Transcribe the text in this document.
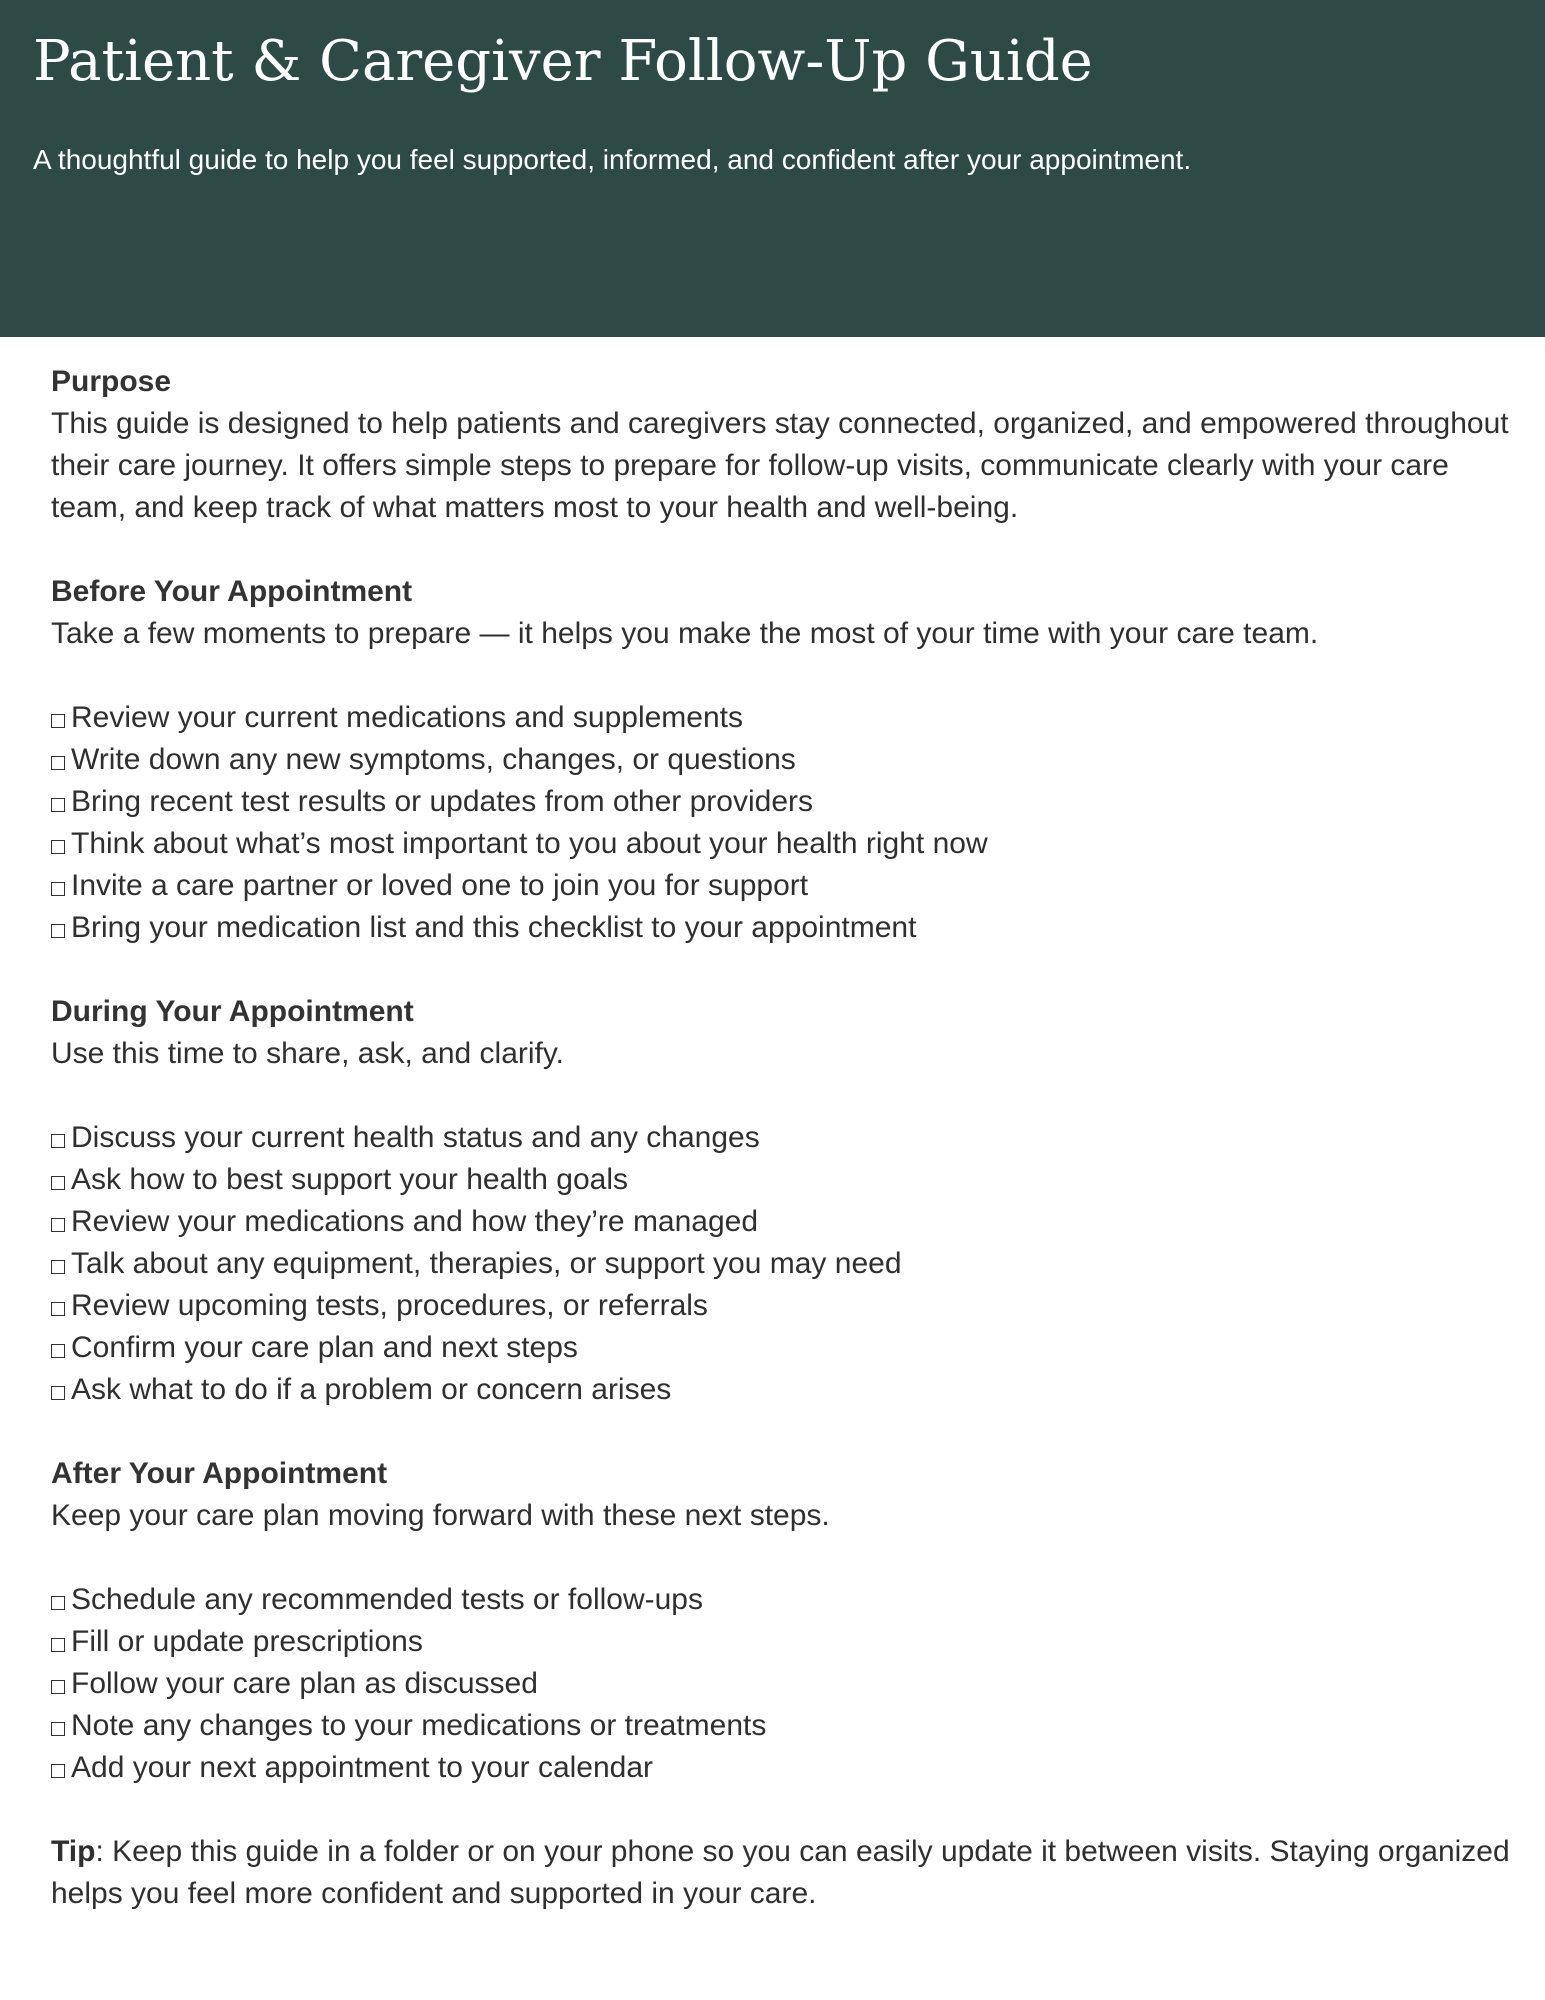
Patient & Caregiver Follow-Up Guide

A thoughtful guide to help you feel supported, informed, and confident after your appointment.

Purpose

This guide is designed to help patients and caregivers stay connected, organized, and empowered throughout their care journey. It offers simple steps to prepare for follow-up visits, communicate clearly with your care team, and keep track of what matters most to your health and well-being.

Before Your Appointment

Take a few moments to prepare — it helps you make the most of your time with your care team.

Review your current medications and supplements
Write down any new symptoms, changes, or questions
Bring recent test results or updates from other providers
Think about what’s most important to you about your health right now
Invite a care partner or loved one to join you for support
Bring your medication list and this checklist to your appointment

During Your Appointment

Use this time to share, ask, and clarify.

Discuss your current health status and any changes
Ask how to best support your health goals
Review your medications and how they’re managed
Talk about any equipment, therapies, or support you may need
Review upcoming tests, procedures, or referrals
Confirm your care plan and next steps
Ask what to do if a problem or concern arises

After Your Appointment

Keep your care plan moving forward with these next steps.

Schedule any recommended tests or follow-ups
Fill or update prescriptions
Follow your care plan as discussed
Note any changes to your medications or treatments
Add your next appointment to your calendar

Tip: Keep this guide in a folder or on your phone so you can easily update it between visits. Staying organized helps you feel more confident and supported in your care.
